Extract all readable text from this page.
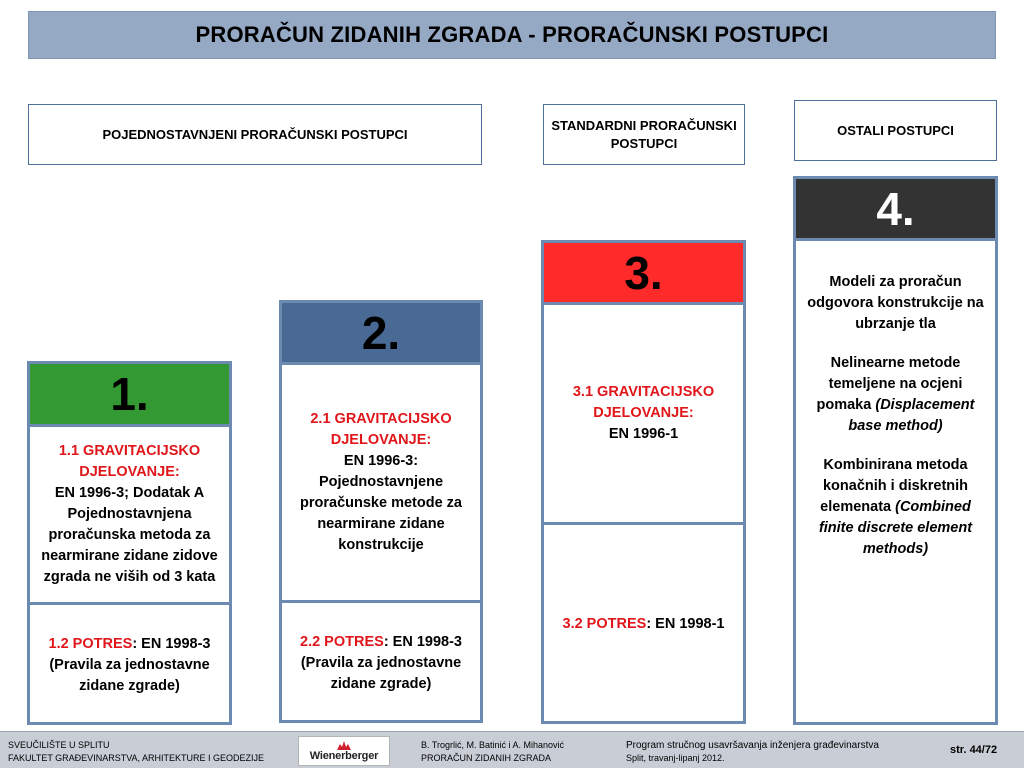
PRORAČUN ZIDANIH ZGRADA - PRORAČUNSKI POSTUPCI
POJEDNOSTAVNJENI PRORAČUNSKI POSTUPCI
STANDARDNI PRORAČUNSKI POSTUPCI
OSTALI POSTUPCI
1.
1.1 GRAVITACIJSKO DJELOVANJE:
EN 1996-3; Dodatak A Pojednostavnjena proračunska metoda za nearmirane zidane zidove zgrada ne viših od 3 kata
1.2 POTRES: EN 1998-3 (Pravila za jednostavne zidane zgrade)
2.
2.1 GRAVITACIJSKO DJELOVANJE:
EN 1996-3: Pojednostavnjene proračunske metode za nearmirane zidane konstrukcije
2.2 POTRES: EN 1998-3 (Pravila za jednostavne zidane zgrade)
3.
3.1 GRAVITACIJSKO DJELOVANJE:
EN 1996-1
3.2 POTRES: EN 1998-1
4.
Modeli za proračun odgovora konstrukcije na ubrzanje tla
Nelinearne metode temeljene na ocjeni pomaka (Displacement base method)
Kombinirana metoda konačnih i diskretnih elemenata (Combined finite discrete element methods)
SVEUČILIŠTE U SPLITU
FAKULTET GRAĐEVINARSTVA, ARHITEKTURE I GEODEZIJE	Wienerberger
B. Trogrlić, M. Batinić i A. Mihanović
PRORAČUN ZIDANIH ZGRADA
Program stručnog usavršavanja inženjera građevinarstva
Split, travanj-lipanj 2012.
str. 44/72
